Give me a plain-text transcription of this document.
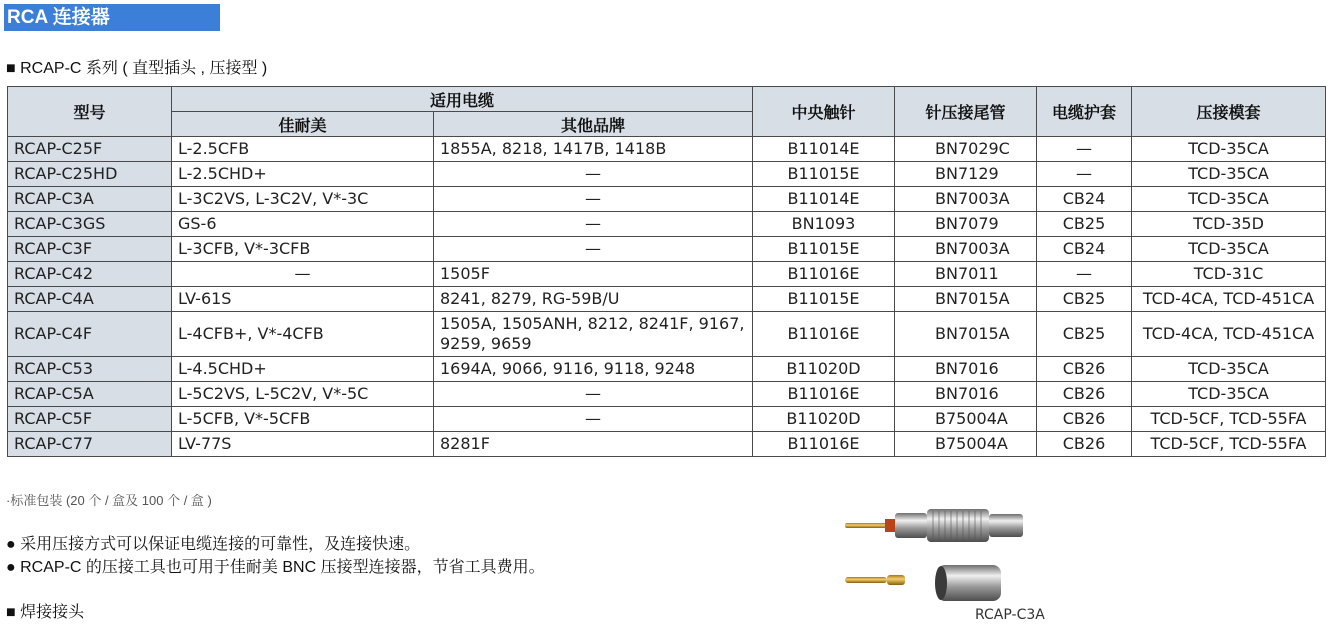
RCA 连接器
■ RCAP-C 系列 ( 直型插头 , 压接型 )
型号	适用电缆		中央触针	针压接尾管	电缆护套	压接模套
	佳耐美	其他品牌				
RCAP-C25F	L-2.5CFB	1855A, 8218, 1417B, 1418B	B11014E	BN7029C	—	TCD-35CA
RCAP-C25HD	L-2.5CHD+	—	B11015E	BN7129	—	TCD-35CA
RCAP-C3A	L-3C2VS, L-3C2V, V*-3C	—	B11014E	BN7003A	CB24	TCD-35CA
RCAP-C3GS	GS-6	—	BN1093	BN7079	CB25	TCD-35D
RCAP-C3F	L-3CFB, V*-3CFB	—	B11015E	BN7003A	CB24	TCD-35CA
RCAP-C42	—	1505F	B11016E	BN7011	—	TCD-31C
RCAP-C4A	LV-61S	8241, 8279, RG-59B/U	B11015E	BN7015A	CB25	TCD-4CA, TCD-451CA
RCAP-C4F	L-4CFB+, V*-4CFB	1505A, 1505ANH, 8212, 8241F, 9167, 9259, 9659	B11016E	BN7015A	CB25	TCD-4CA, TCD-451CA
RCAP-C53	L-4.5CHD+	1694A, 9066, 9116, 9118, 9248	B11020D	BN7016	CB26	TCD-35CA
RCAP-C5A	L-5C2VS, L-5C2V, V*-5C	—	B11016E	BN7016	CB26	TCD-35CA
RCAP-C5F	L-5CFB, V*-5CFB	—	B11020D	B75004A	CB26	TCD-5CF, TCD-55FA
RCAP-C77	LV-77S	8281F	B11016E	B75004A	CB26	TCD-5CF, TCD-55FA
·标准包装 (20 个 / 盒及 100 个 / 盒 )
● 采用压接方式可以保证电缆连接的可靠性，及连接快速。
● RCAP-C 的压接工具也可用于佳耐美 BNC 压接型连接器，节省工具费用。
■ 焊接接头	RCAP-C3A
